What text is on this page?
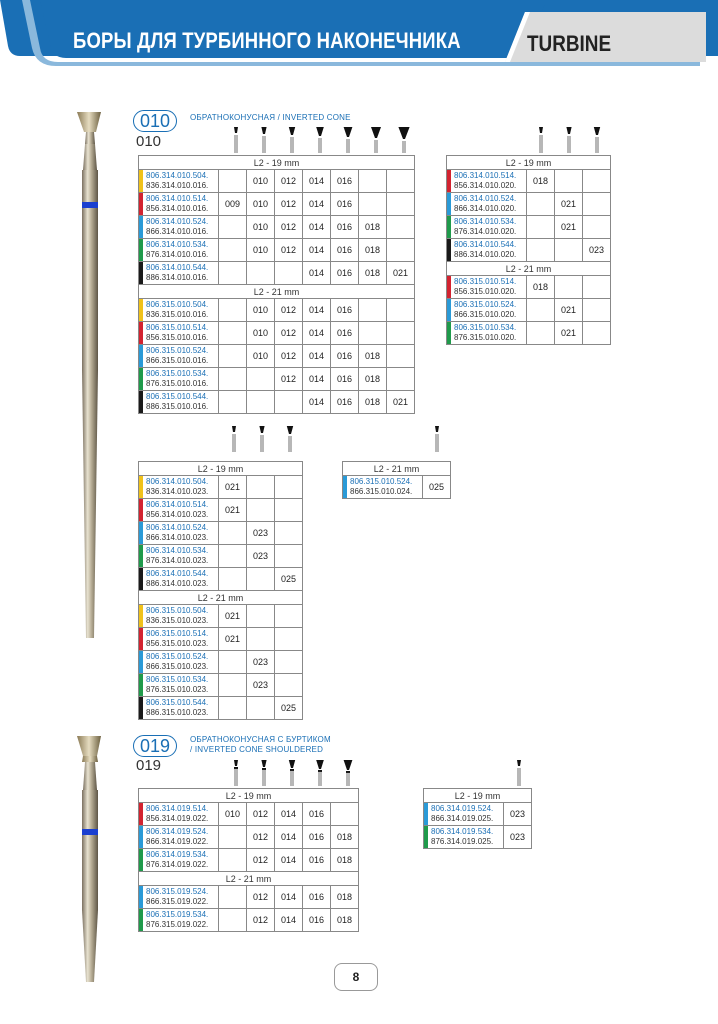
БОРЫ ДЛЯ ТУРБИННОГО НАКОНЕЧНИКА	TURBINE
010
010
ОБРАТНОКОНУСНАЯ / INVERTED CONE
L2 - 19 mm							

806.314.010.504.
836.314.010.016.		010	012	014	016		

806.314.010.514.
856.314.010.016.	009	010	012	014	016		

806.314.010.524.
866.314.010.016.		010	012	014	016	018	

806.314.010.534.
876.314.010.016.		010	012	014	016	018	

806.314.010.544.
886.314.010.016.				014	016	018	021
L2 - 21 mm							

806.315.010.504.
836.315.010.016.		010	012	014	016		

806.315.010.514.
856.315.010.016.		010	012	014	016		

806.315.010.524.
866.315.010.016.		010	012	014	016	018	

806.315.010.534.
876.315.010.016.			012	014	016	018	

806.315.010.544.
886.315.010.016.				014	016	018	021
L2 - 19 mm			

806.314.010.514.
856.314.010.020.	018		

806.314.010.524.
866.314.010.020.		021	

806.314.010.534.
876.314.010.020.		021	

806.314.010.544.
886.314.010.020.			023
L2 - 21 mm			

806.315.010.514.
856.315.010.020.	018		

806.315.010.524.
866.315.010.020.		021	

806.315.010.534.
876.315.010.020.		021	
L2 - 19 mm			

806.314.010.504.
836.314.010.023.	021		

806.314.010.514.
856.314.010.023.	021		

806.314.010.524.
866.314.010.023.		023	

806.314.010.534.
876.314.010.023.		023	

806.314.010.544.
886.314.010.023.			025
L2 - 21 mm			

806.315.010.504.
836.315.010.023.	021		

806.315.010.514.
856.315.010.023.	021		

806.315.010.524.
866.315.010.023.		023	

806.315.010.534.
876.315.010.023.		023	

806.315.010.544.
886.315.010.023.			025
L2 - 21 mm

806.315.010.524.
866.315.010.024.	025
L2 - 19 mm					

806.314.019.514.
856.314.019.022.	010	012	014	016	

806.314.019.524.
866.314.019.022.		012	014	016	018

806.314.019.534.
876.314.019.022.		012	014	016	018
L2 - 21 mm					

806.315.019.524.
866.315.019.022.		012	014	016	018

806.315.019.534.
876.315.019.022.		012	014	016	018
L2 - 19 mm	

806.314.019.524.
866.314.019.025.	023

806.314.019.534.
876.314.019.025.	023
019
019
ОБРАТНОКОНУСНАЯ С БУРТИКОМ
/ INVERTED CONE SHOULDERED
8
